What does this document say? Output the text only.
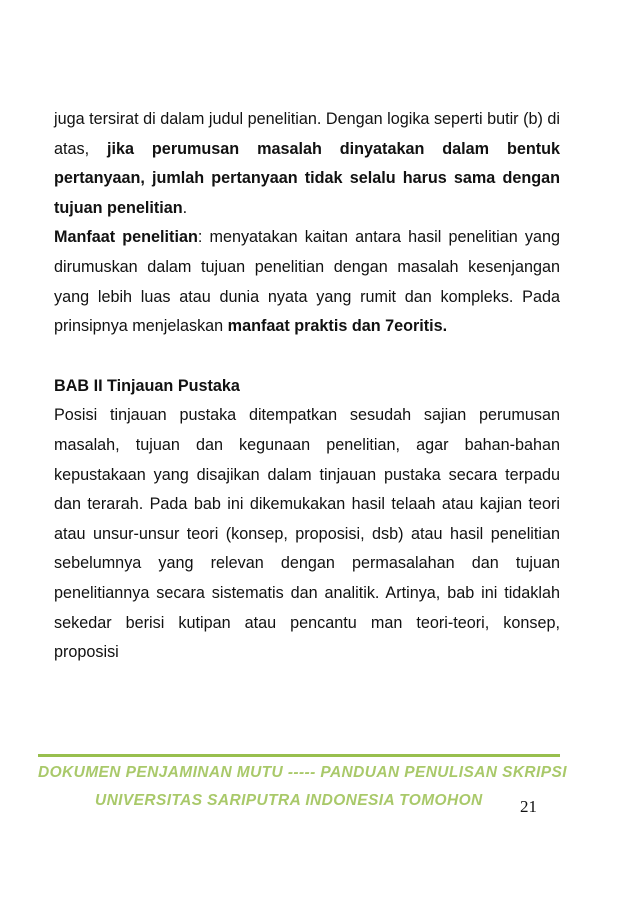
juga tersirat di dalam judul penelitian. Dengan logika seperti butir (b) di atas, jika perumusan masalah dinyatakan dalam bentuk pertanyaan, jumlah pertanyaan tidak selalu harus sama dengan tujuan penelitian.

Manfaat penelitian: menyatakan kaitan antara hasil penelitian yang dirumuskan dalam tujuan penelitian dengan masalah kesenjangan yang lebih luas atau dunia nyata yang rumit dan kompleks. Pada prinsipnya menjelaskan manfaat praktis dan 7eoritis.

BAB II Tinjauan Pustaka

Posisi tinjauan pustaka ditempatkan sesudah sajian perumusan masalah, tujuan dan kegunaan penelitian, agar bahan-bahan kepustakaan yang disajikan dalam tinjauan pustaka secara terpadu dan terarah. Pada bab ini dikemukakan hasil telaah atau kajian teori atau unsur-unsur teori (konsep, proposisi, dsb) atau hasil penelitian sebelumnya yang relevan dengan permasalahan dan tujuan penelitiannya secara sistematis dan analitik. Artinya, bab ini tidaklah sekedar berisi kutipan atau pencantu man teori-teori, konsep, proposisi

DOKUMEN PENJAMINAN MUTU ----- PANDUAN PENULISAN SKRIPSI
UNIVERSITAS SARIPUTRA INDONESIA TOMOHON 21
